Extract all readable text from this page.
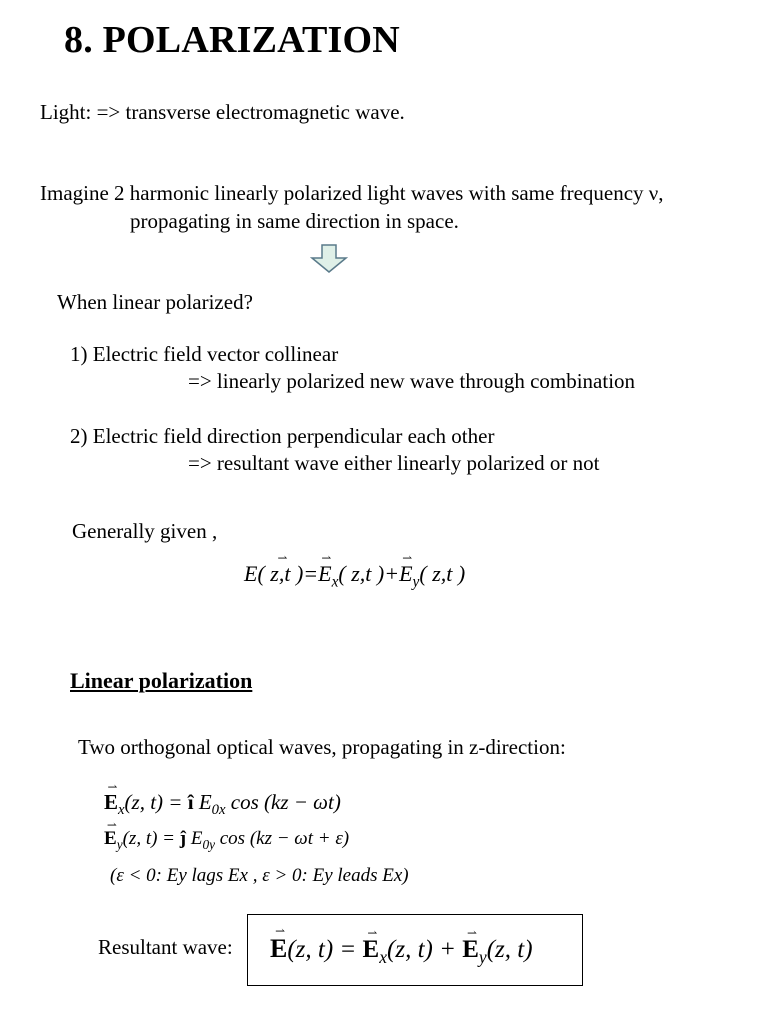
8. POLARIZATION
Light: => transverse electromagnetic wave.
Imagine 2 harmonic linearly polarized light waves with same frequency ν,
propagating in same direction in space.
When linear polarized?
1) Electric field vector collinear
=> linearly polarized new wave through combination
2) Electric field direction perpendicular each other
=> resultant wave either linearly polarized or not
Generally given ,
⇀
E( z,t )=
⇀
$E_x$( z,t )+
⇀
$E_y$( z,t )
Linear polarization
Two orthogonal optical waves, propagating in z-direction:
⇀
$E_x(z$, t) = î $E_{0x}$ cos (kz − ωt)
⇀
$E_y(z$, t) = ĵ $E_{0y}$ cos (kz − ωt + ε)
(ε < 0: Ey lags Ex , ε > 0: Ey leads Ex)
Resultant wave:
⇀
E(z, t) =
⇀
$E_x(z$, t) +
⇀
$E_y(z$, t)
